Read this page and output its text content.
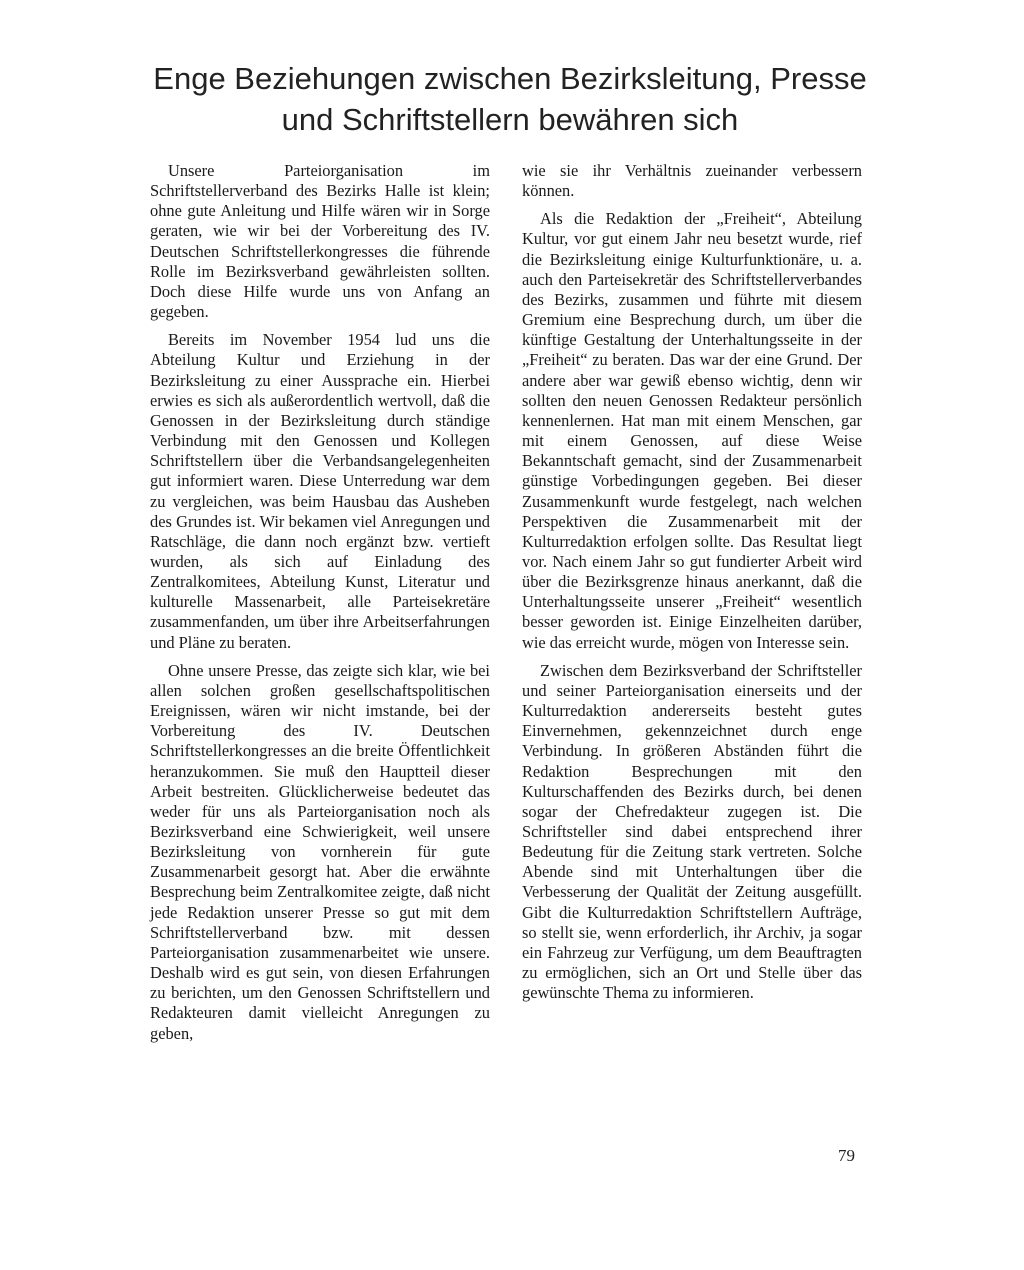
Enge Beziehungen zwischen Bezirksleitung, Presse
und Schriftstellern bewähren sich

Unsere Parteiorganisation im Schriftstellerverband des Bezirks Halle ist klein; ohne gute Anleitung und Hilfe wären wir in Sorge geraten, wie wir bei der Vorbereitung des IV. Deutschen Schriftstellerkongresses die führende Rolle im Bezirksverband gewährleisten sollten. Doch diese Hilfe wurde uns von Anfang an gegeben.

Bereits im November 1954 lud uns die Abteilung Kultur und Erziehung in der Bezirksleitung zu einer Aussprache ein. Hierbei erwies es sich als außerordentlich wertvoll, daß die Genossen in der Bezirksleitung durch ständige Verbindung mit den Genossen und Kollegen Schriftstellern über die Verbandsangelegenheiten gut informiert waren. Diese Unterredung war dem zu vergleichen, was beim Hausbau das Ausheben des Grundes ist. Wir bekamen viel Anregungen und Ratschläge, die dann noch ergänzt bzw. vertieft wurden, als sich auf Einladung des Zentralkomitees, Abteilung Kunst, Literatur und kulturelle Massenarbeit, alle Parteisekretäre zusammenfanden, um über ihre Arbeitserfahrungen und Pläne zu beraten.

Ohne unsere Presse, das zeigte sich klar, wie bei allen solchen großen gesellschaftspolitischen Ereignissen, wären wir nicht imstande, bei der Vorbereitung des IV. Deutschen Schriftstellerkongresses an die breite Öffentlichkeit heranzukommen. Sie muß den Hauptteil dieser Arbeit bestreiten. Glücklicherweise bedeutet das weder für uns als Parteiorganisation noch als Bezirksverband eine Schwierigkeit, weil unsere Bezirksleitung von vornherein für gute Zusammenarbeit gesorgt hat. Aber die erwähnte Besprechung beim Zentralkomitee zeigte, daß nicht jede Redaktion unserer Presse so gut mit dem Schriftstellerverband bzw. mit dessen Parteiorganisation zusammenarbeitet wie unsere. Deshalb wird es gut sein, von diesen Erfahrungen zu berichten, um den Genossen Schriftstellern und Redakteuren damit vielleicht Anregungen zu geben,

wie sie ihr Verhältnis zueinander verbessern können.

Als die Redaktion der „Freiheit“, Abteilung Kultur, vor gut einem Jahr neu besetzt wurde, rief die Bezirksleitung einige Kulturfunktionäre, u. a. auch den Parteisekretär des Schriftstellerverbandes des Bezirks, zusammen und führte mit diesem Gremium eine Besprechung durch, um über die künftige Gestaltung der Unterhaltungsseite in der „Freiheit“ zu beraten. Das war der eine Grund. Der andere aber war gewiß ebenso wichtig, denn wir sollten den neuen Genossen Redakteur persönlich kennenlernen. Hat man mit einem Menschen, gar mit einem Genossen, auf diese Weise Bekanntschaft gemacht, sind der Zusammenarbeit günstige Vorbedingungen gegeben. Bei dieser Zusammenkunft wurde festgelegt, nach welchen Perspektiven die Zusammenarbeit mit der Kulturredaktion erfolgen sollte. Das Resultat liegt vor. Nach einem Jahr so gut fundierter Arbeit wird über die Bezirksgrenze hinaus anerkannt, daß die Unterhaltungsseite unserer „Freiheit“ wesentlich besser geworden ist. Einige Einzelheiten darüber, wie das erreicht wurde, mögen von Interesse sein.

Zwischen dem Bezirksverband der Schriftsteller und seiner Parteiorganisation einerseits und der Kulturredaktion andererseits besteht gutes Einvernehmen, gekennzeichnet durch enge Verbindung. In größeren Abständen führt die Redaktion Besprechungen mit den Kulturschaffenden des Bezirks durch, bei denen sogar der Chefredakteur zugegen ist. Die Schriftsteller sind dabei entsprechend ihrer Bedeutung für die Zeitung stark vertreten. Solche Abende sind mit Unterhaltungen über die Verbesserung der Qualität der Zeitung ausgefüllt. Gibt die Kulturredaktion Schriftstellern Aufträge, so stellt sie, wenn erforderlich, ihr Archiv, ja sogar ein Fahrzeug zur Verfügung, um dem Beauftragten zu ermöglichen, sich an Ort und Stelle über das gewünschte Thema zu informieren.

79
